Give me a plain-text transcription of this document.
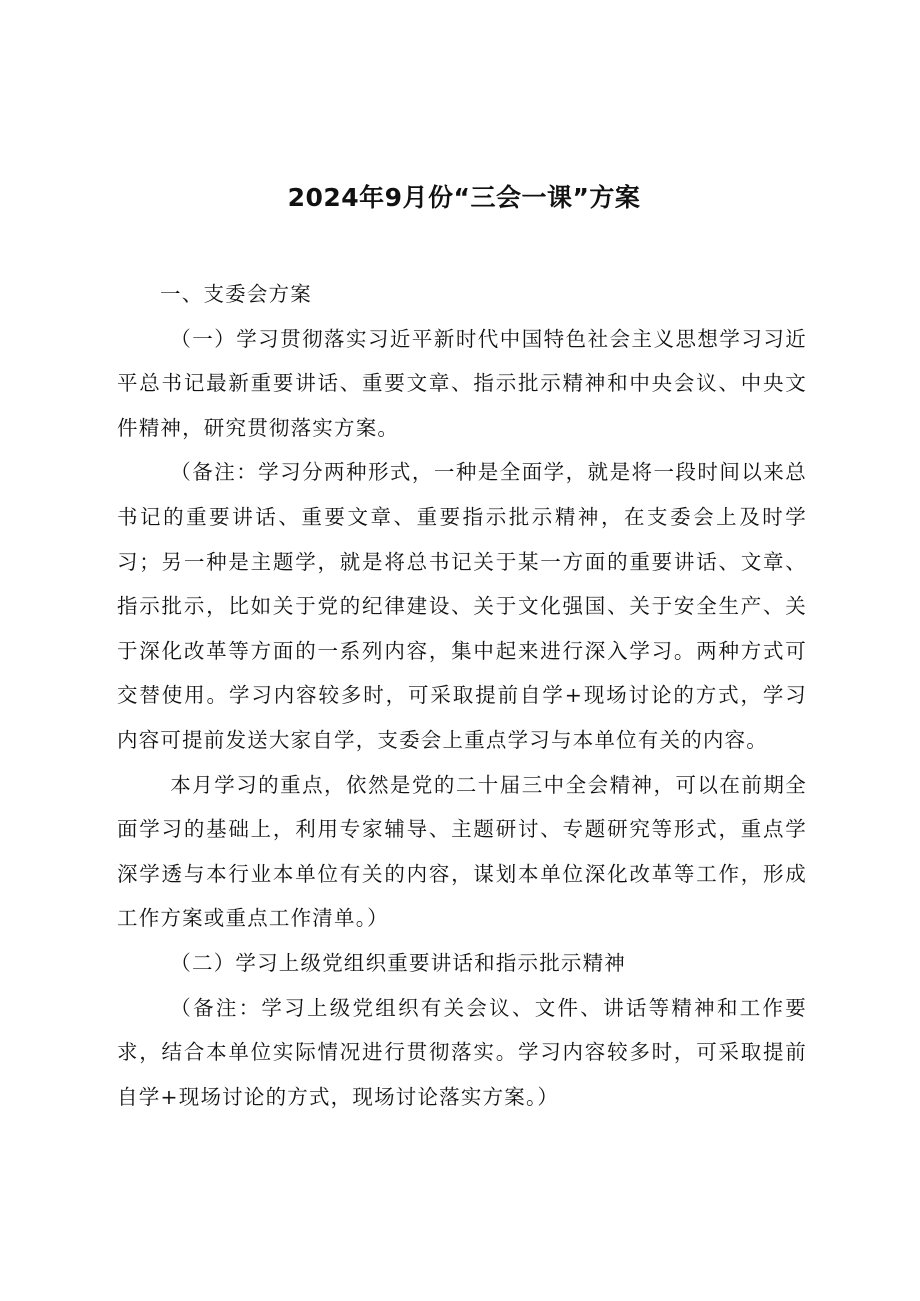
2024年9月份“三会一课”方案

一、支委会方案

（一）学习贯彻落实习近平新时代中国特色社会主义思想学习习近平总书记最新重要讲话、重要文章、指示批示精神和中央会议、中央文件精神，研究贯彻落实方案。

（备注：学习分两种形式，一种是全面学，就是将一段时间以来总书记的重要讲话、重要文章、重要指示批示精神，在支委会上及时学习；另一种是主题学，就是将总书记关于某一方面的重要讲话、文章、指示批示，比如关于党的纪律建设、关于文化强国、关于安全生产、关于深化改革等方面的一系列内容，集中起来进行深入学习。两种方式可交替使用。学习内容较多时，可采取提前自学+现场讨论的方式，学习内容可提前发送大家自学，支委会上重点学习与本单位有关的内容。

本月学习的重点，依然是党的二十届三中全会精神，可以在前期全面学习的基础上，利用专家辅导、主题研讨、专题研究等形式，重点学深学透与本行业本单位有关的内容，谋划本单位深化改革等工作，形成工作方案或重点工作清单。）

（二）学习上级党组织重要讲话和指示批示精神

（备注：学习上级党组织有关会议、文件、讲话等精神和工作要求，结合本单位实际情况进行贯彻落实。学习内容较多时，可采取提前自学+现场讨论的方式，现场讨论落实方案。）
